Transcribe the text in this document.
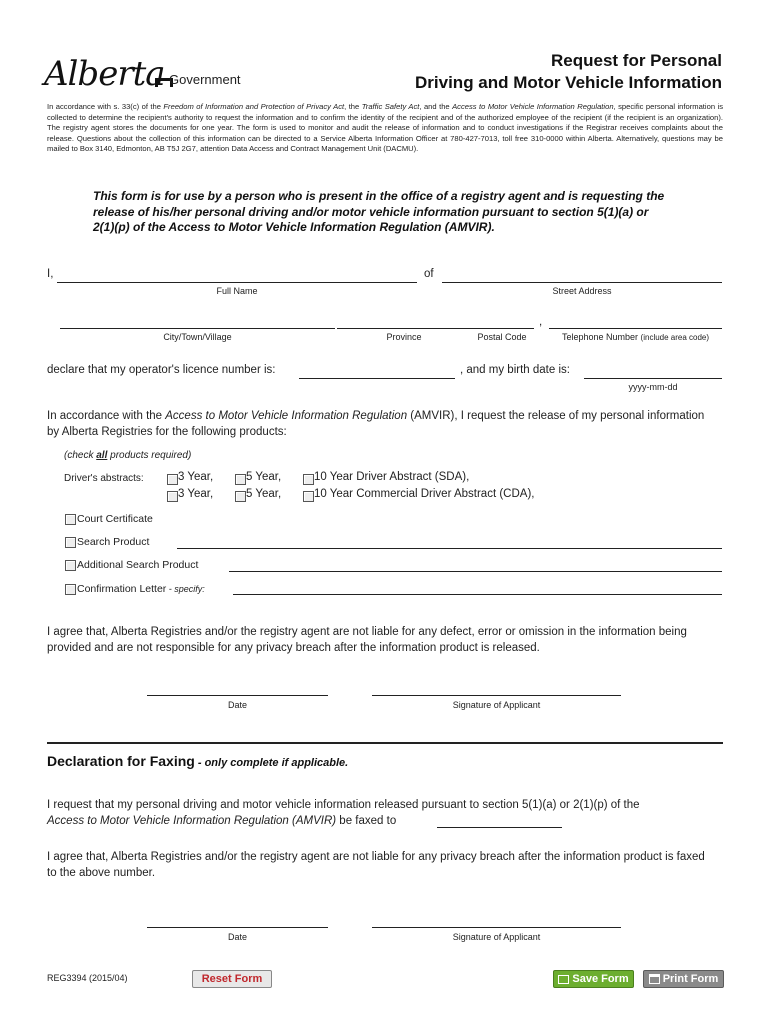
Alberta Government
Request for Personal
Driving and Motor Vehicle Information
In accordance with s. 33(c) of the Freedom of Information and Protection of Privacy Act, the Traffic Safety Act, and the Access to Motor Vehicle Information Regulation, specific personal information is collected to determine the recipient's authority to request the information and to confirm the identity of the recipient and of the authorized employee of the recipient (if the recipient is an organization). The registry agent stores the documents for one year. The form is used to monitor and audit the release of information and to conduct investigations if the Registrar receives complaints about the release. Questions about the collection of this information can be directed to a Service Alberta Information Officer at 780-427-7013, toll free 310-0000 within Alberta. Alternatively, questions may be mailed to Box 3140, Edmonton, AB T5J 2G7, attention Data Access and Contract Management Unit (DACMU).
This form is for use by a person who is present in the office of a registry agent and is requesting the release of his/her personal driving and/or motor vehicle information pursuant to section 5(1)(a) or 2(1)(p) of the Access to Motor Vehicle Information Regulation (AMVIR).
I,	of
Full Name	Street Address
,
City/Town/Village	Province	Postal Code	Telephone Number (include area code)
declare that my operator's licence number is:	, and my birth date is:
yyyy-mm-dd
In accordance with the Access to Motor Vehicle Information Regulation (AMVIR), I request the release of my personal information by Alberta Registries for the following products:
(check all products required)
Driver's abstracts:	3 Year,	5 Year,	10 Year Driver Abstract (SDA),
3 Year,	5 Year,	10 Year Commercial Driver Abstract (CDA),
Court Certificate
Search Product
Additional Search Product
Confirmation Letter - specify:
I agree that, Alberta Registries and/or the registry agent are not liable for any defect, error or omission in the information being provided and are not responsible for any privacy breach after the information product is released.
Date	Signature of Applicant
Declaration for Faxing - only complete if applicable.
I request that my personal driving and motor vehicle information released pursuant to section 5(1)(a) or 2(1)(p) of the
Access to Motor Vehicle Information Regulation (AMVIR) be faxed to
I agree that, Alberta Registries and/or the registry agent are not liable for any privacy breach after the information product is faxed to the above number.
Date	Signature of Applicant
REG3394 (2015/04)	Reset Form	Save Form	Print Form
